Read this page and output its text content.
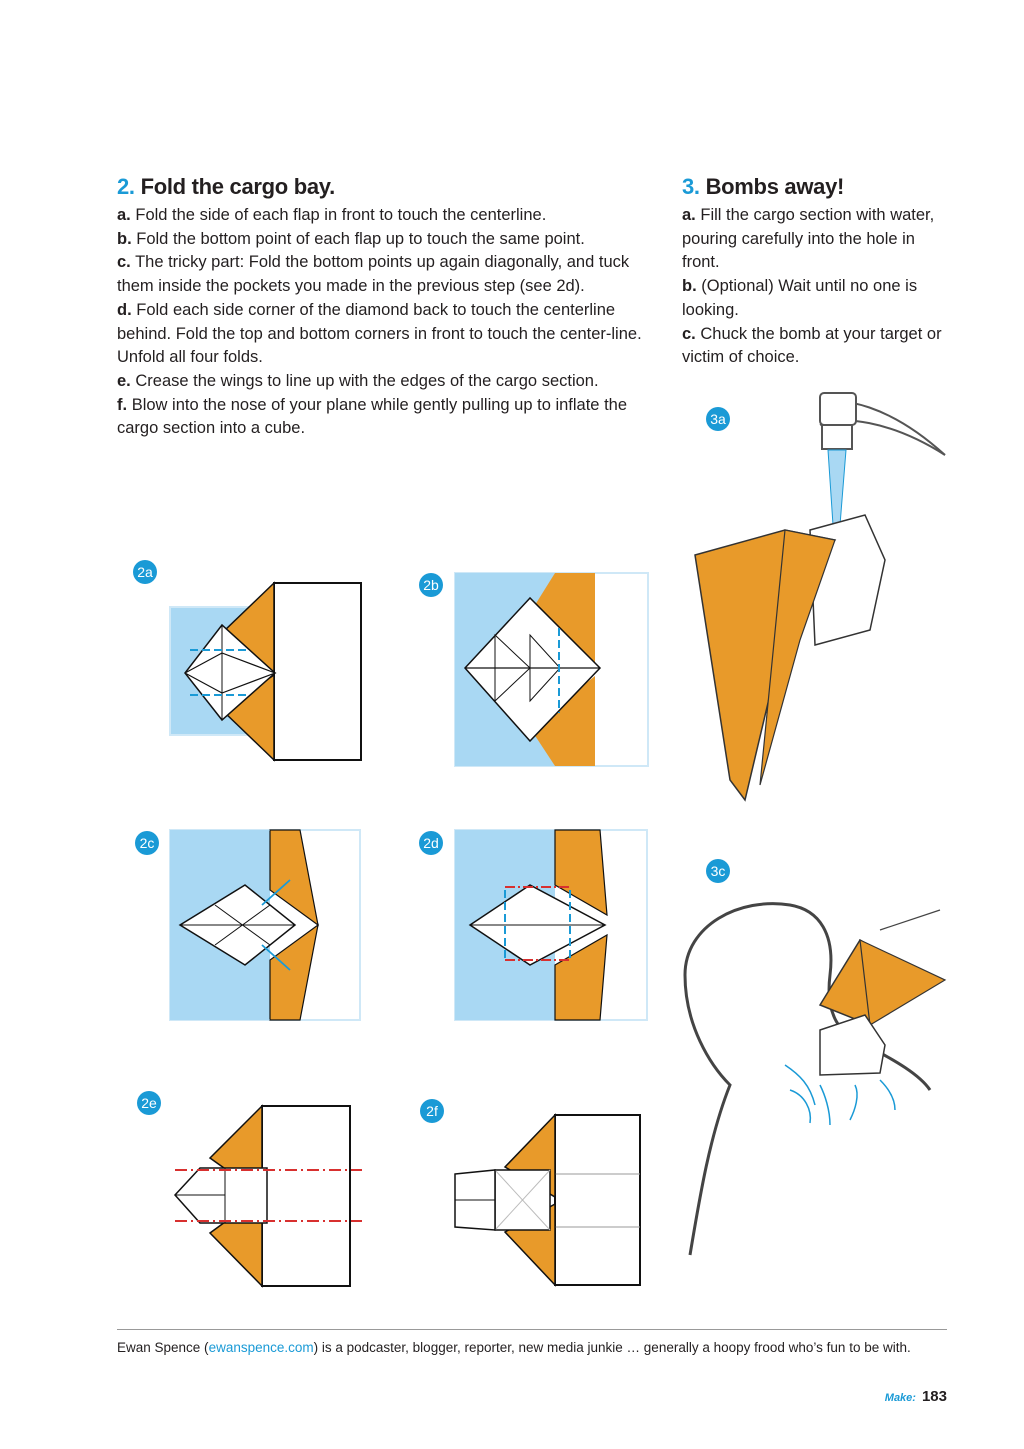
2. Fold the cargo bay.

a. Fold the side of each flap in front to touch the centerline.

b. Fold the bottom point of each flap up to touch the same point.

c. The tricky part: Fold the bottom points up again diagonally, and tuck them inside the pockets you made in the previous step (see 2d).

d. Fold each side corner of the diamond back to touch the centerline behind. Fold the top and bottom corners in front to touch the center-line. Unfold all four folds.

e. Crease the wings to line up with the edges of the cargo section.

f. Blow into the nose of your plane while gently pulling up to inflate the cargo section into a cube.

3. Bombs away!

a. Fill the cargo section with water, pouring carefully into the hole in front.

b. (Optional) Wait until no one is looking.

c. Chuck the bomb at your target or victim of choice.

2a
2b
2c	2d
2e	2f
3a
3c
Ewan Spence (ewanspence.com) is a podcaster, blogger, reporter, new media junkie … generally a hoopy frood who’s fun to be with.
Make: 183
